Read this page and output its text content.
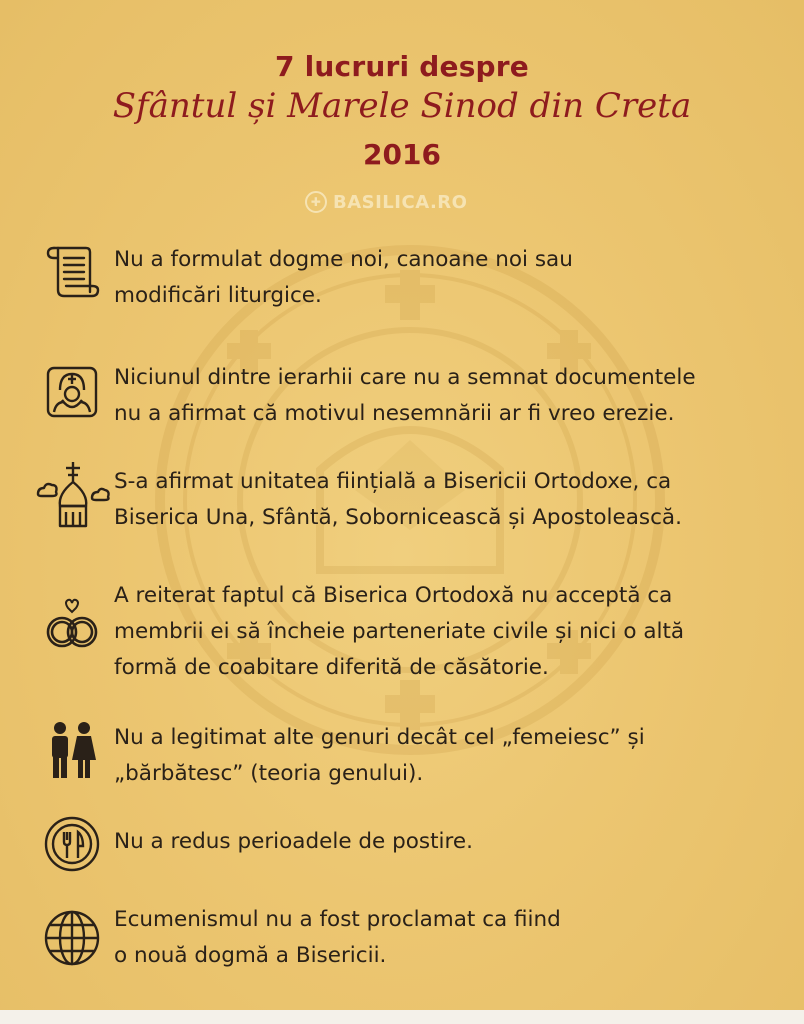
7 lucruri despre
Sfântul și Marele Sinod din Creta
2016
✚ BASILICA.RO
Nu a formulat dogme noi, canoane noi sau
modificări liturgice.
Niciunul dintre ierarhii care nu a semnat documentele
nu a afirmat că motivul nesemnării ar fi vreo erezie.
S-a afirmat unitatea ființială a Bisericii Ortodoxe, ca
Biserica Una, Sfântă, Sobornicească și Apostolească.
A reiterat faptul că Biserica Ortodoxă nu acceptă ca
membrii ei să încheie parteneriate civile și nici o altă
formă de coabitare diferită de căsătorie.
Nu a legitimat alte genuri decât cel „femeiesc” și
„bărbătesc” (teoria genului).
Nu a redus perioadele de postire.
Ecumenismul nu a fost proclamat ca fiind
o nouă dogmă a Bisericii.
